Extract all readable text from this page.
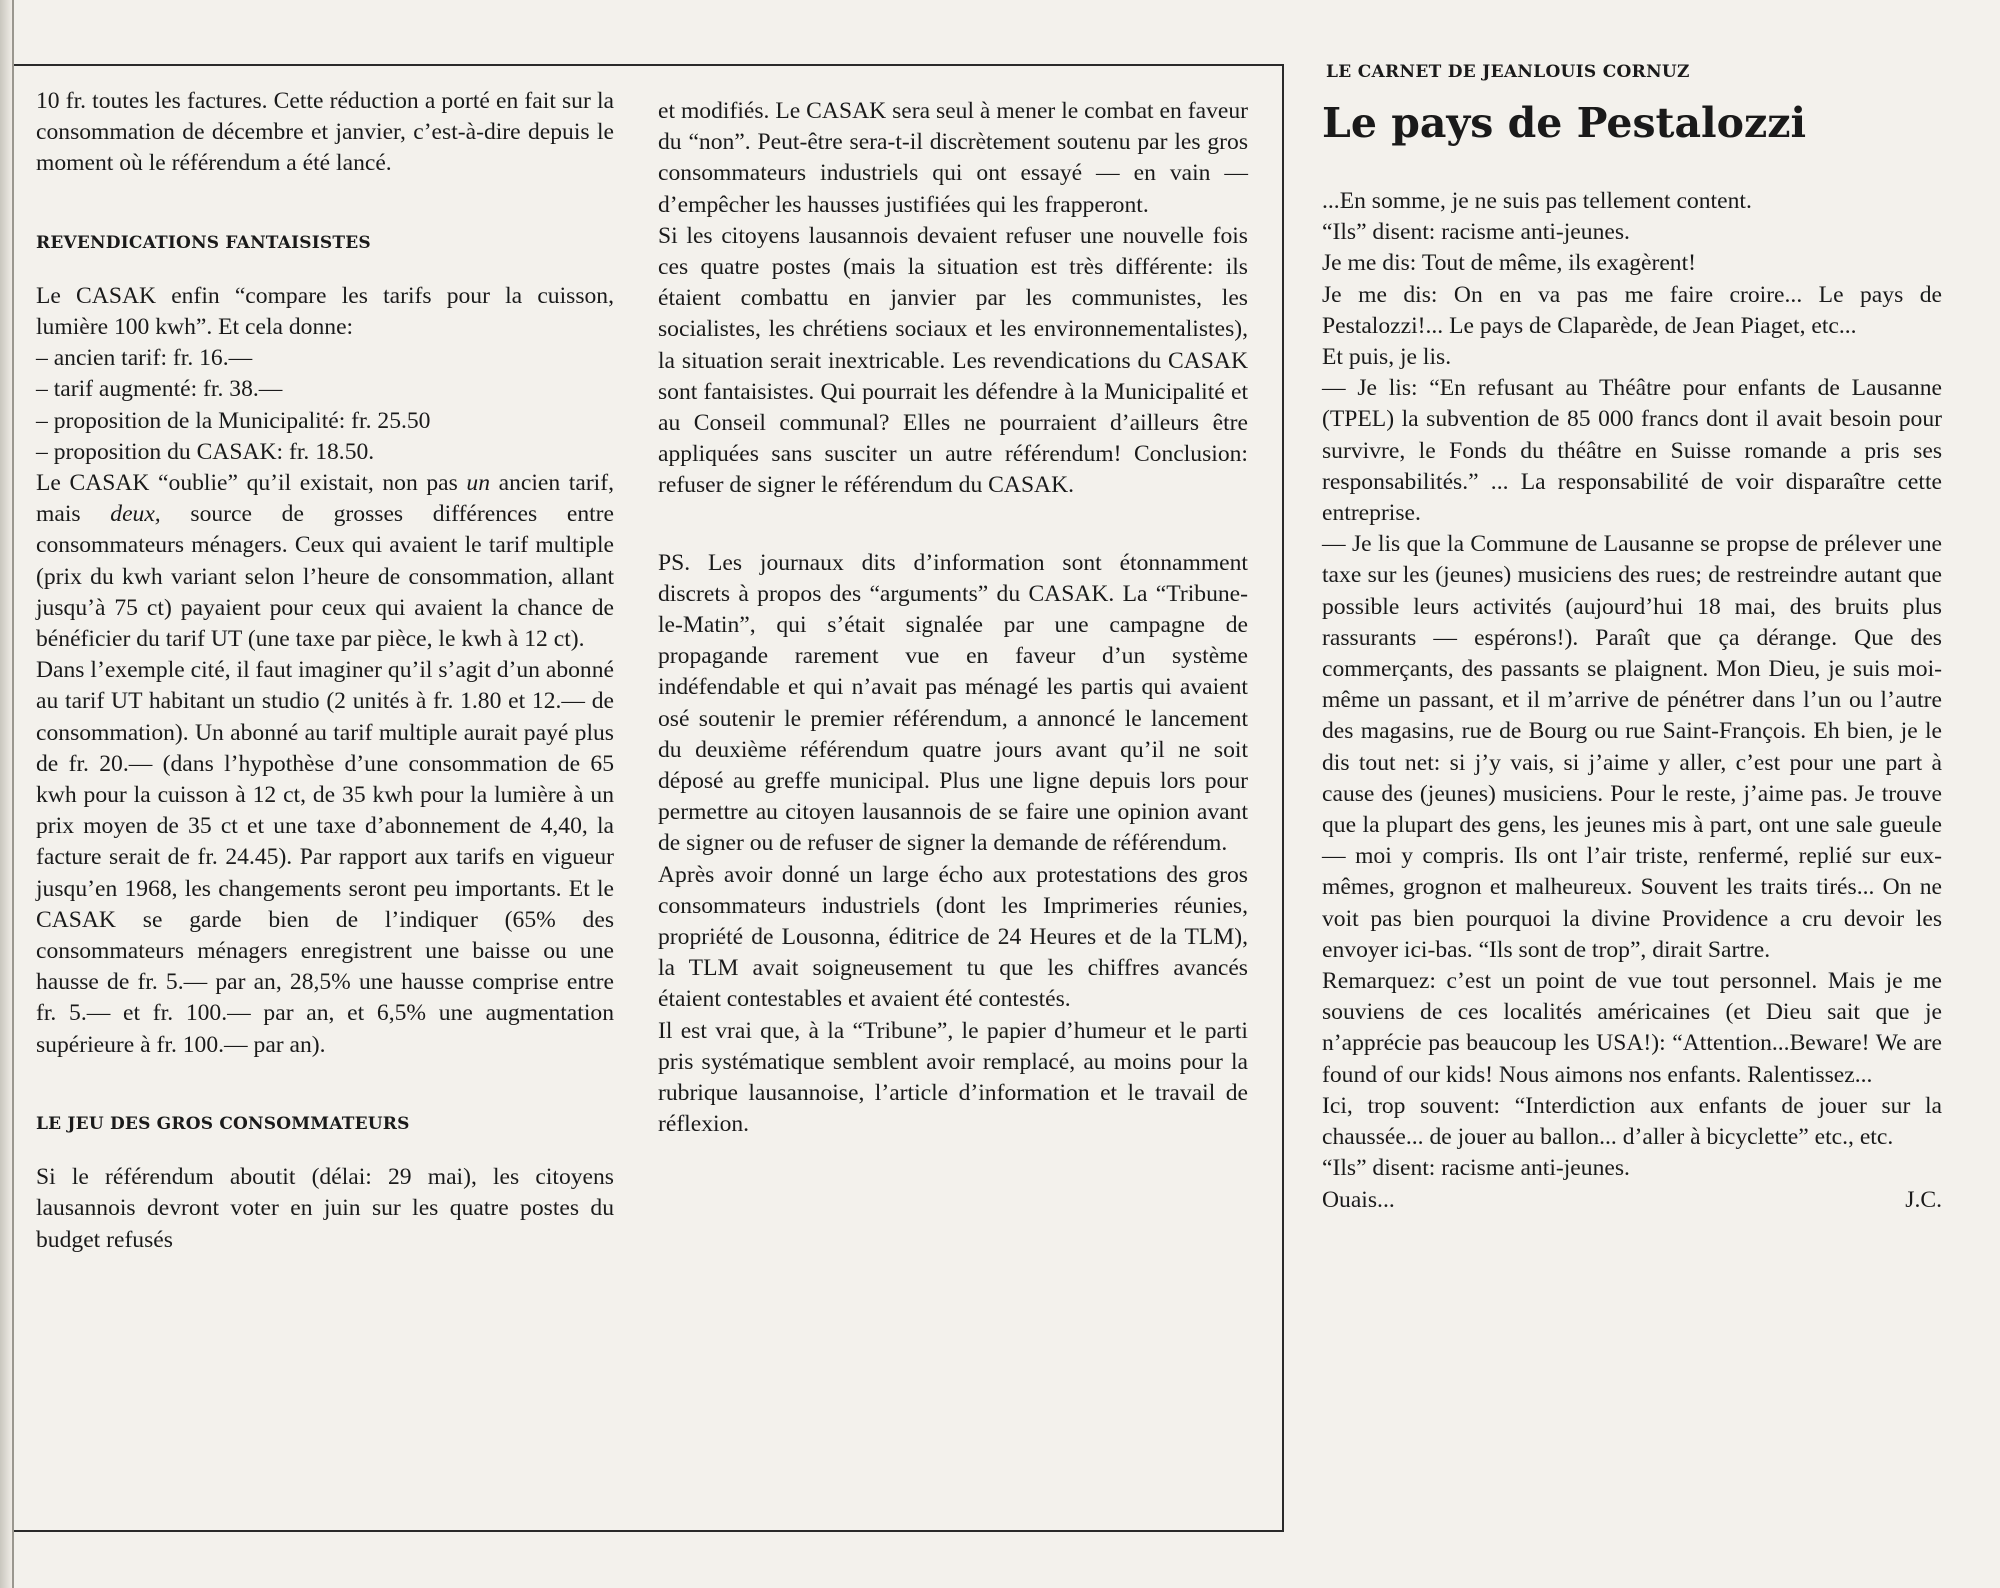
10 fr. toutes les factures. Cette réduction a porté en fait sur la consommation de décembre et janvier, c’est-à-dire depuis le moment où le référendum a été lancé.

REVENDICATIONS FANTAISISTES

Le CASAK enfin “compare les tarifs pour la cuisson, lumière 100 kwh”. Et cela donne:

– ancien tarif: fr. 16.—

– tarif augmenté: fr. 38.—

– proposition de la Municipalité: fr. 25.50

– proposition du CASAK: fr. 18.50.

Le CASAK “oublie” qu’il existait, non pas un ancien tarif, mais deux, source de grosses différences entre consommateurs ménagers. Ceux qui avaient le tarif multiple (prix du kwh variant selon l’heure de consommation, allant jusqu’à 75 ct) payaient pour ceux qui avaient la chance de bénéficier du tarif UT (une taxe par pièce, le kwh à 12 ct).

Dans l’exemple cité, il faut imaginer qu’il s’agit d’un abonné au tarif UT habitant un studio (2 unités à fr. 1.80 et 12.— de consommation). Un abonné au tarif multiple aurait payé plus de fr. 20.— (dans l’hypothèse d’une consommation de 65 kwh pour la cuisson à 12 ct, de 35 kwh pour la lumière à un prix moyen de 35 ct et une taxe d’abonnement de 4,40, la facture serait de fr. 24.45). Par rapport aux tarifs en vigueur jusqu’en 1968, les changements seront peu importants. Et le CASAK se garde bien de l’indiquer (65% des consommateurs ménagers enregistrent une baisse ou une hausse de fr. 5.— par an, 28,5% une hausse comprise entre fr. 5.— et fr. 100.— par an, et 6,5% une augmentation supérieure à fr. 100.— par an).

LE JEU DES GROS CONSOMMATEURS

Si le référendum aboutit (délai: 29 mai), les citoyens lausannois devront voter en juin sur les quatre postes du budget refusés

et modifiés. Le CASAK sera seul à mener le combat en faveur du “non”. Peut-être sera-t-il discrètement soutenu par les gros consommateurs industriels qui ont essayé — en vain — d’empêcher les hausses justifiées qui les frapperont.

Si les citoyens lausannois devaient refuser une nouvelle fois ces quatre postes (mais la situation est très différente: ils étaient combattu en janvier par les communistes, les socialistes, les chrétiens sociaux et les environnementalistes), la situation serait inextricable. Les revendications du CASAK sont fantaisistes. Qui pourrait les défendre à la Municipalité et au Conseil communal? Elles ne pourraient d’ailleurs être appliquées sans susciter un autre référendum! Conclusion: refuser de signer le référendum du CASAK.

PS. Les journaux dits d’information sont étonnamment discrets à propos des “arguments” du CASAK. La “Tribune-le-Matin”, qui s’était signalée par une campagne de propagande rarement vue en faveur d’un système indéfendable et qui n’avait pas ménagé les partis qui avaient osé soutenir le premier référendum, a annoncé le lancement du deuxième référendum quatre jours avant qu’il ne soit déposé au greffe municipal. Plus une ligne depuis lors pour permettre au citoyen lausannois de se faire une opinion avant de signer ou de refuser de signer la demande de référendum.

Après avoir donné un large écho aux protestations des gros consommateurs industriels (dont les Imprimeries réunies, propriété de Lousonna, éditrice de 24 Heures et de la TLM), la TLM avait soigneusement tu que les chiffres avancés étaient contestables et avaient été contestés.

Il est vrai que, à la “Tribune”, le papier d’humeur et le parti pris systématique semblent avoir remplacé, au moins pour la rubrique lausannoise, l’article d’information et le travail de réflexion.

LE CARNET DE JEANLOUIS CORNUZ
Le pays de Pestalozzi

...En somme, je ne suis pas tellement content.

“Ils” disent: racisme anti-jeunes.

Je me dis: Tout de même, ils exagèrent!

Je me dis: On en va pas me faire croire... Le pays de Pestalozzi!... Le pays de Claparède, de Jean Piaget, etc...

Et puis, je lis.

— Je lis: “En refusant au Théâtre pour enfants de Lausanne (TPEL) la subvention de 85 000 francs dont il avait besoin pour survivre, le Fonds du théâtre en Suisse romande a pris ses responsabilités.” ... La responsabilité de voir disparaître cette entreprise.

— Je lis que la Commune de Lausanne se propse de prélever une taxe sur les (jeunes) musiciens des rues; de restreindre autant que possible leurs activités (aujourd’hui 18 mai, des bruits plus rassurants — espérons!). Paraît que ça dérange. Que des commerçants, des passants se plaignent. Mon Dieu, je suis moi-même un passant, et il m’arrive de pénétrer dans l’un ou l’autre des magasins, rue de Bourg ou rue Saint-François. Eh bien, je le dis tout net: si j’y vais, si j’aime y aller, c’est pour une part à cause des (jeunes) musiciens. Pour le reste, j’aime pas. Je trouve que la plupart des gens, les jeunes mis à part, ont une sale gueule — moi y compris. Ils ont l’air triste, renfermé, replié sur eux-mêmes, grognon et malheureux. Souvent les traits tirés... On ne voit pas bien pourquoi la divine Providence a cru devoir les envoyer ici-bas. “Ils sont de trop”, dirait Sartre.

Remarquez: c’est un point de vue tout personnel. Mais je me souviens de ces localités américaines (et Dieu sait que je n’apprécie pas beaucoup les USA!): “Attention...Beware! We are found of our kids! Nous aimons nos enfants. Ralentissez...

Ici, trop souvent: “Interdiction aux enfants de jouer sur la chaussée... de jouer au ballon... d’aller à bicyclette” etc., etc.

“Ils” disent: racisme anti-jeunes.

Ouais...	J.C.
